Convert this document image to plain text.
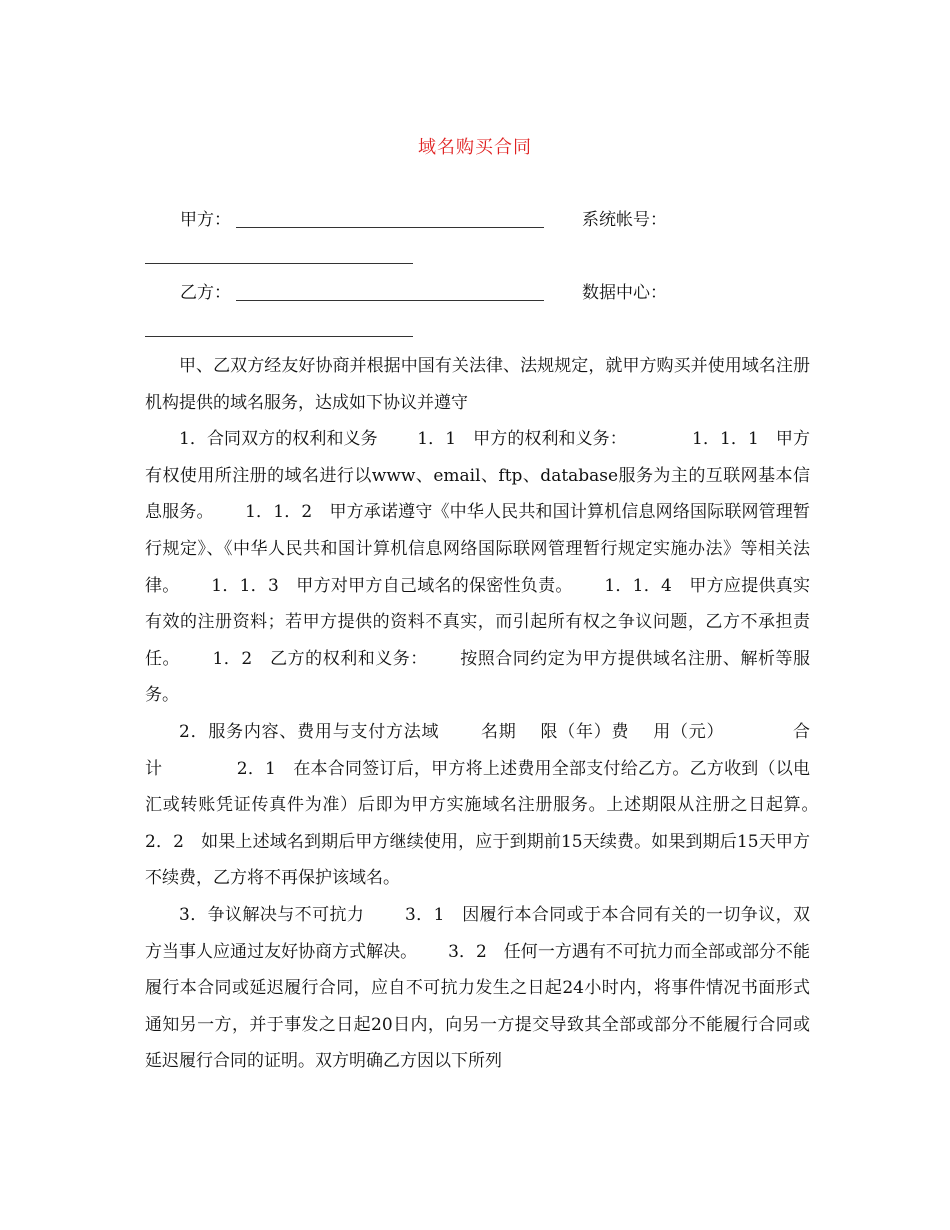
域名购买合同
甲方：	系统帐号：
乙方：	数据中心：

甲、乙双方经友好协商并根据中国有关法律、法规规定，就甲方购买并使用域名注册机构提供的域名服务，达成如下协议并遵守

1．合同双方的权利和义务　　 1．1　甲方的权利和义务：　　　　 1．1．1　甲方有权使用所注册的域名进行以www、email、ftp、database服务为主的互联网基本信息服务。　　 1．1．2　甲方承诺遵守《中华人民共和国计算机信息网络国际联网管理暂行规定》、《中华人民共和国计算机信息网络国际联网管理暂行规定实施办法》等相关法律。　　 1．1．3　甲方对甲方自己域名的保密性负责。　　 1．1．4　甲方应提供真实有效的注册资料；若甲方提供的资料不真实，而引起所有权之争议问题，乙方不承担责任。　　 1．2　乙方的权利和义务：　　 按照合同约定为甲方提供域名注册、解析等服务。

2．服务内容、费用与支付方法域　　 名期　 限（年）费　 用（元）　　　　 合　计　　　　 2．1　在本合同签订后，甲方将上述费用全部支付给乙方。乙方收到（以电汇或转账凭证传真件为准）后即为甲方实施域名注册服务。上述期限从注册之日起算。　　 2．2　如果上述域名到期后甲方继续使用，应于到期前15天续费。如果到期后15天甲方不续费，乙方将不再保护该域名。

3．争议解决与不可抗力　　 3．1　因履行本合同或于本合同有关的一切争议，双方当事人应通过友好协商方式解决。　　 3．2　任何一方遇有不可抗力而全部或部分不能履行本合同或延迟履行合同，应自不可抗力发生之日起24小时内，将事件情况书面形式通知另一方，并于事发之日起20日内，向另一方提交导致其全部或部分不能履行合同或延迟履行合同的证明。双方明确乙方因以下所列
